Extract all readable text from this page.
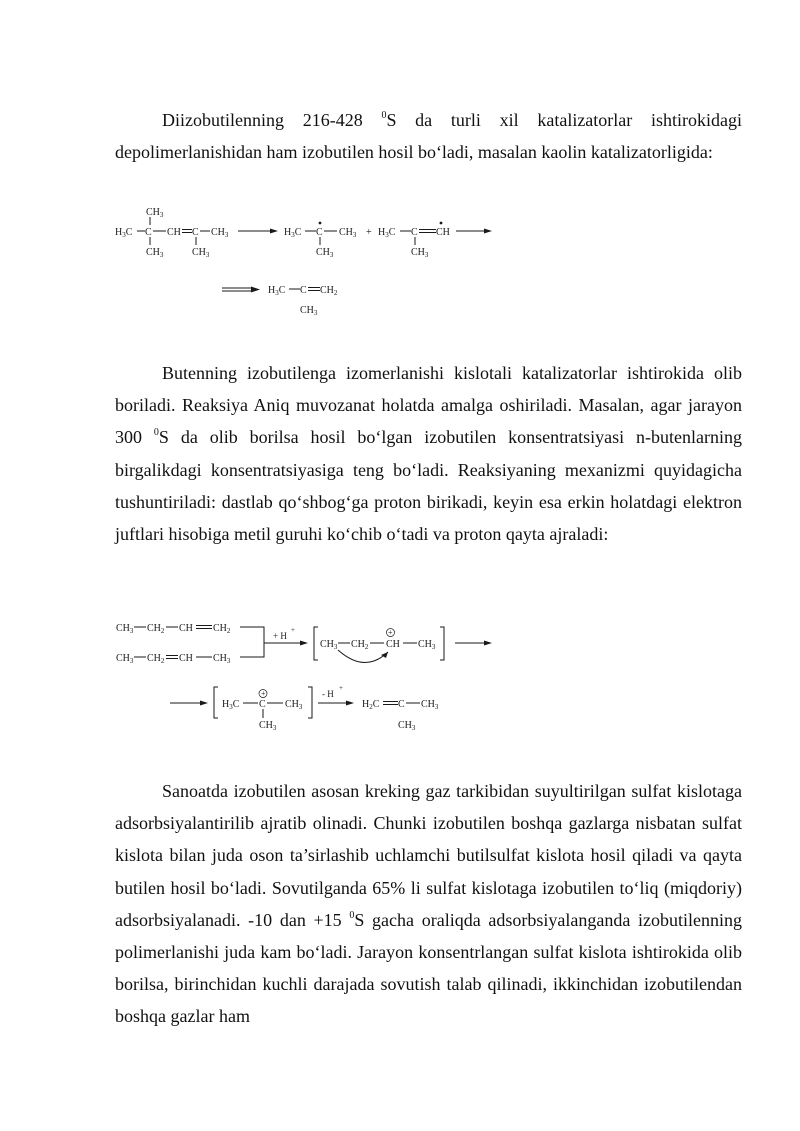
Diizobutilenning 216-428 $^0$S da turli xil katalizatorlar ishtirokidagi depolimerlanishidan ham izobutilen hosil bo‘ladi, masalan kaolin katalizatorligida:

$CH_3$
$H_3C$ C CH C $CH_3$
$CH_3$	$CH_3$
$H_3C$ C $CH_3$
$CH_3$
+ $H_3C$ C CH
$CH_3$
$H_3C$ C $CH_2$
$CH_3$

Butenning izobutilenga izomerlanishi kislotali katalizatorlar ishtirokida olib boriladi. Reaksiya Aniq muvozanat holatda amalga oshiriladi. Masalan, agar jarayon 300 $^0$S da olib borilsa hosil bo‘lgan izobutilen konsentratsiyasi n-butenlarning birgalikdagi konsentratsiyasiga teng bo‘ladi. Reaksiyaning mexanizmi quyidagicha tushuntiriladi: dastlab qo‘shbog‘ga proton birikadi, keyin esa erkin holatdagi elektron juftlari hisobiga metil guruhi ko‘chib o‘tadi va proton qayta ajraladi:

$CH_3$ $CH_2$ CH $CH_2$
$CH_3$ $CH_2$ CH $CH_3$
+ H
+
$CH_3$ $CH_2$ CH
+
$CH_3$
$H_3C$ C
+
$CH_3$
$CH_3$
- H
+
$H_2C$ C $CH_3$
$CH_3$

Sanoatda izobutilen asosan kreking gaz tarkibidan suyultirilgan sulfat kislotaga adsorbsiyalantirilib ajratib olinadi. Chunki izobutilen boshqa gazlarga nisbatan sulfat kislota bilan juda oson ta’sirlashib uchlamchi butilsulfat kislota hosil qiladi va qayta butilen hosil bo‘ladi. Sovutilganda 65% li sulfat kislotaga izobutilen to‘liq (miqdoriy) adsorbsiyalanadi. -10 dan +15 $^0$S gacha oraliqda adsorbsiyalanganda izobutilenning polimerlanishi juda kam bo‘ladi. Jarayon konsentrlangan sulfat kislota ishtirokida olib borilsa, birinchidan kuchli darajada sovutish talab qilinadi, ikkinchidan izobutilendan boshqa gazlar ham
